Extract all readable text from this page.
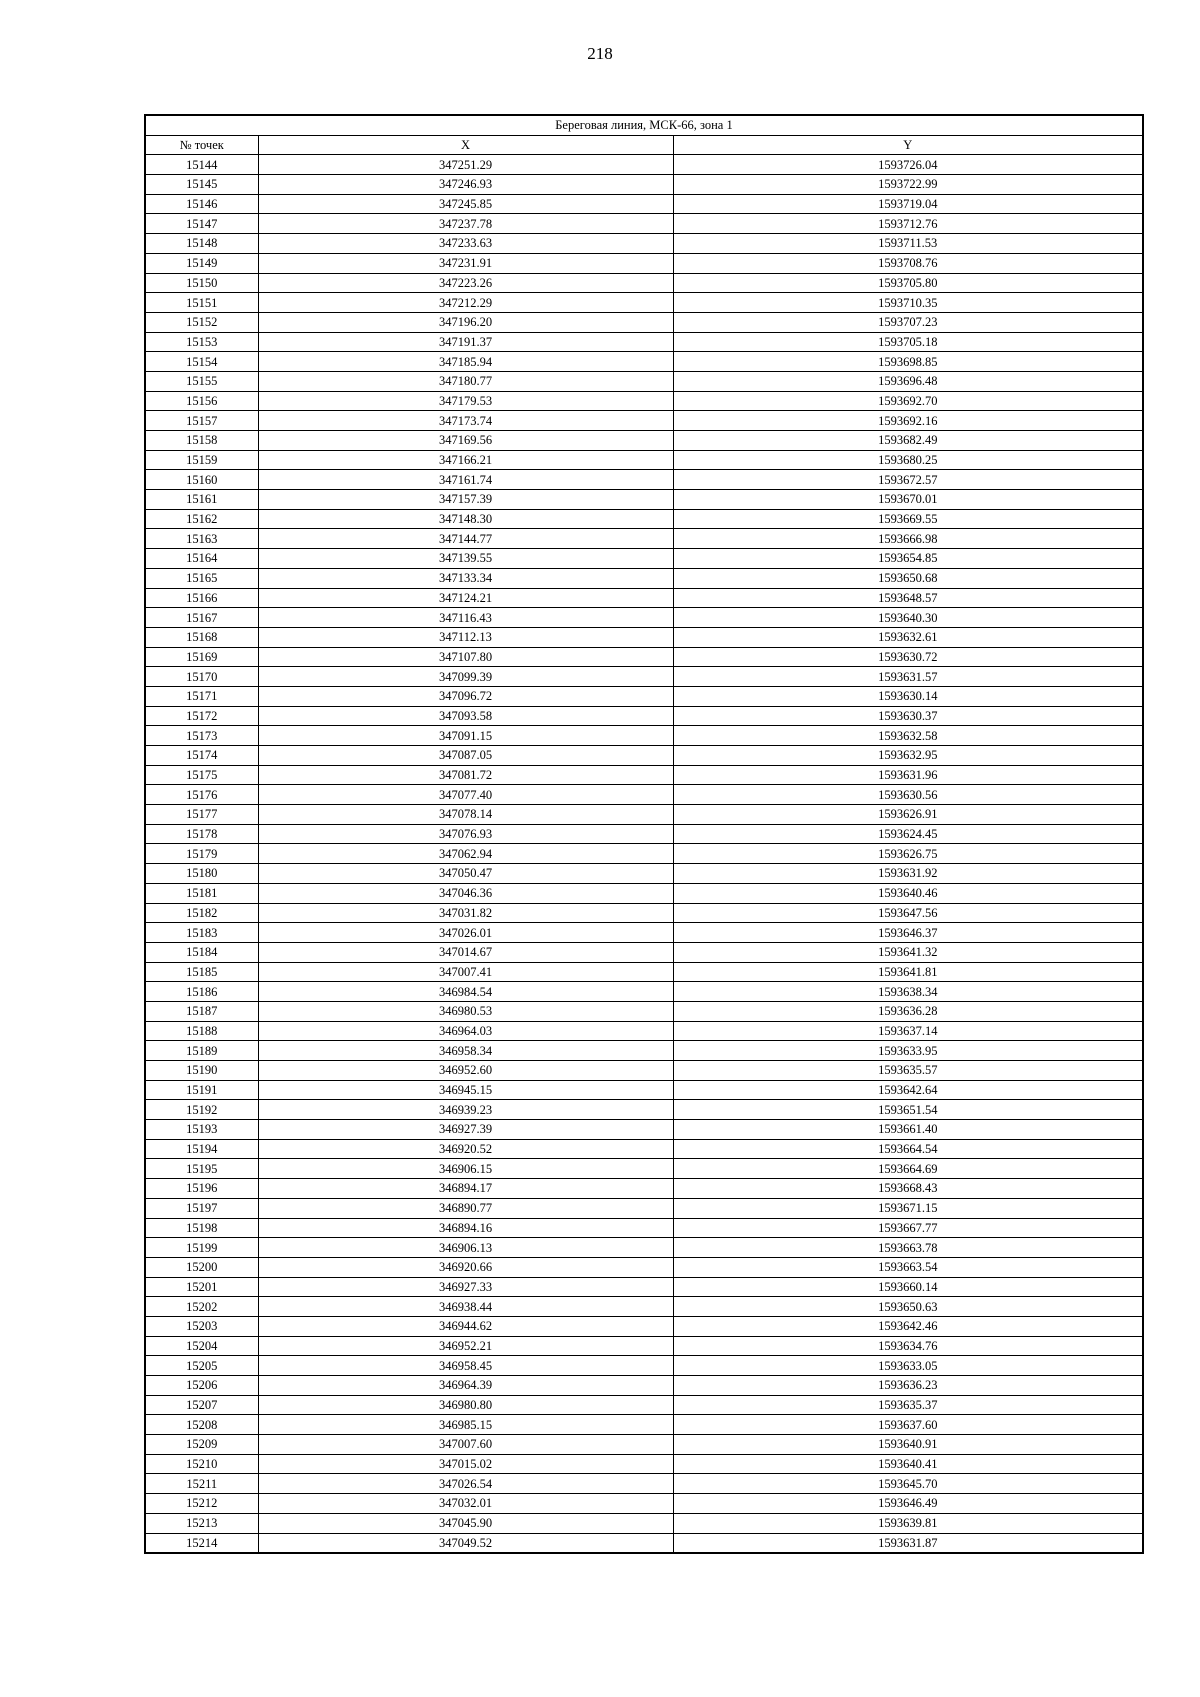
218
Береговая линия, МСК-66, зона 1		
№ точек	X	Y
15144	347251.29	1593726.04
15145	347246.93	1593722.99
15146	347245.85	1593719.04
15147	347237.78	1593712.76
15148	347233.63	1593711.53
15149	347231.91	1593708.76
15150	347223.26	1593705.80
15151	347212.29	1593710.35
15152	347196.20	1593707.23
15153	347191.37	1593705.18
15154	347185.94	1593698.85
15155	347180.77	1593696.48
15156	347179.53	1593692.70
15157	347173.74	1593692.16
15158	347169.56	1593682.49
15159	347166.21	1593680.25
15160	347161.74	1593672.57
15161	347157.39	1593670.01
15162	347148.30	1593669.55
15163	347144.77	1593666.98
15164	347139.55	1593654.85
15165	347133.34	1593650.68
15166	347124.21	1593648.57
15167	347116.43	1593640.30
15168	347112.13	1593632.61
15169	347107.80	1593630.72
15170	347099.39	1593631.57
15171	347096.72	1593630.14
15172	347093.58	1593630.37
15173	347091.15	1593632.58
15174	347087.05	1593632.95
15175	347081.72	1593631.96
15176	347077.40	1593630.56
15177	347078.14	1593626.91
15178	347076.93	1593624.45
15179	347062.94	1593626.75
15180	347050.47	1593631.92
15181	347046.36	1593640.46
15182	347031.82	1593647.56
15183	347026.01	1593646.37
15184	347014.67	1593641.32
15185	347007.41	1593641.81
15186	346984.54	1593638.34
15187	346980.53	1593636.28
15188	346964.03	1593637.14
15189	346958.34	1593633.95
15190	346952.60	1593635.57
15191	346945.15	1593642.64
15192	346939.23	1593651.54
15193	346927.39	1593661.40
15194	346920.52	1593664.54
15195	346906.15	1593664.69
15196	346894.17	1593668.43
15197	346890.77	1593671.15
15198	346894.16	1593667.77
15199	346906.13	1593663.78
15200	346920.66	1593663.54
15201	346927.33	1593660.14
15202	346938.44	1593650.63
15203	346944.62	1593642.46
15204	346952.21	1593634.76
15205	346958.45	1593633.05
15206	346964.39	1593636.23
15207	346980.80	1593635.37
15208	346985.15	1593637.60
15209	347007.60	1593640.91
15210	347015.02	1593640.41
15211	347026.54	1593645.70
15212	347032.01	1593646.49
15213	347045.90	1593639.81
15214	347049.52	1593631.87
